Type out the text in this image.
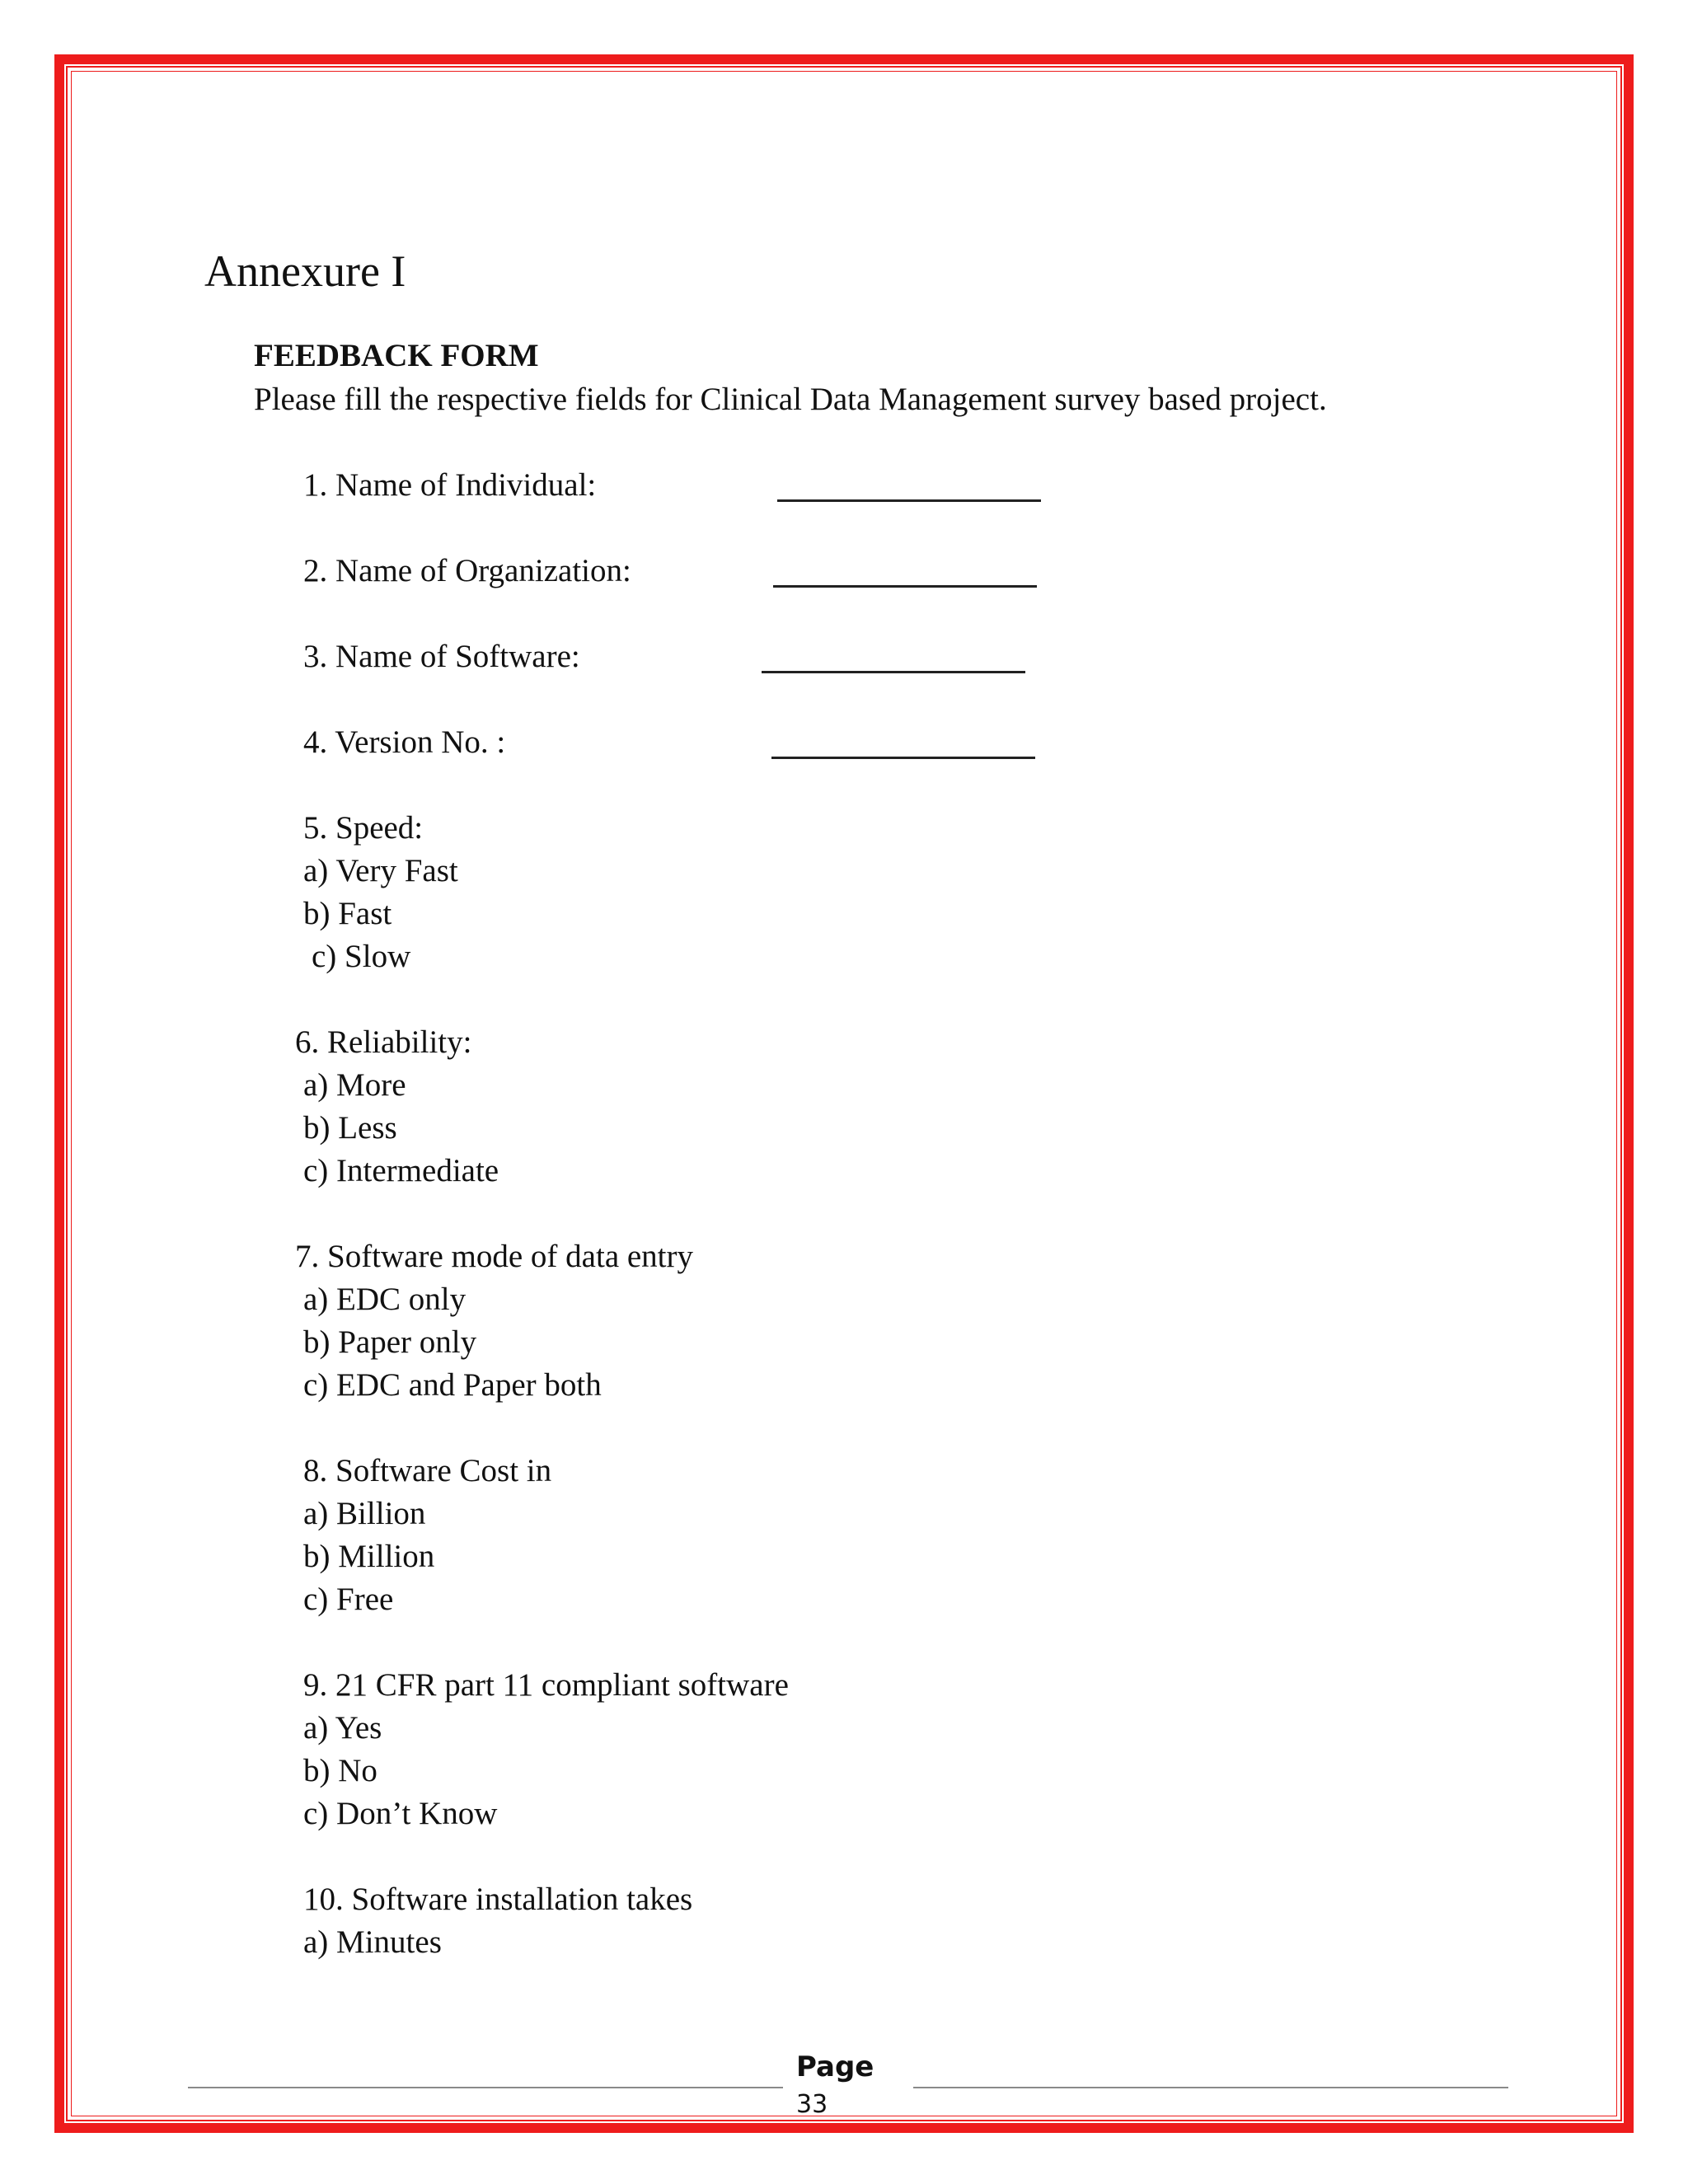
Annexure I
FEEDBACK FORM
Please fill the respective fields for Clinical Data Management survey based project.
1. Name of Individual:
2. Name of Organization:
3. Name of Software:
4. Version No. :
5. Speed:
a) Very Fast
b) Fast
c) Slow
6. Reliability:
a) More
b) Less
c) Intermediate
7. Software mode of data entry
a) EDC only
b) Paper only
c) EDC and Paper both
8. Software Cost in
a) Billion
b) Million
c) Free
9. 21 CFR part 11 compliant software
a) Yes
b) No
c) Don’t Know
10. Software installation takes
a) Minutes
Page
33
